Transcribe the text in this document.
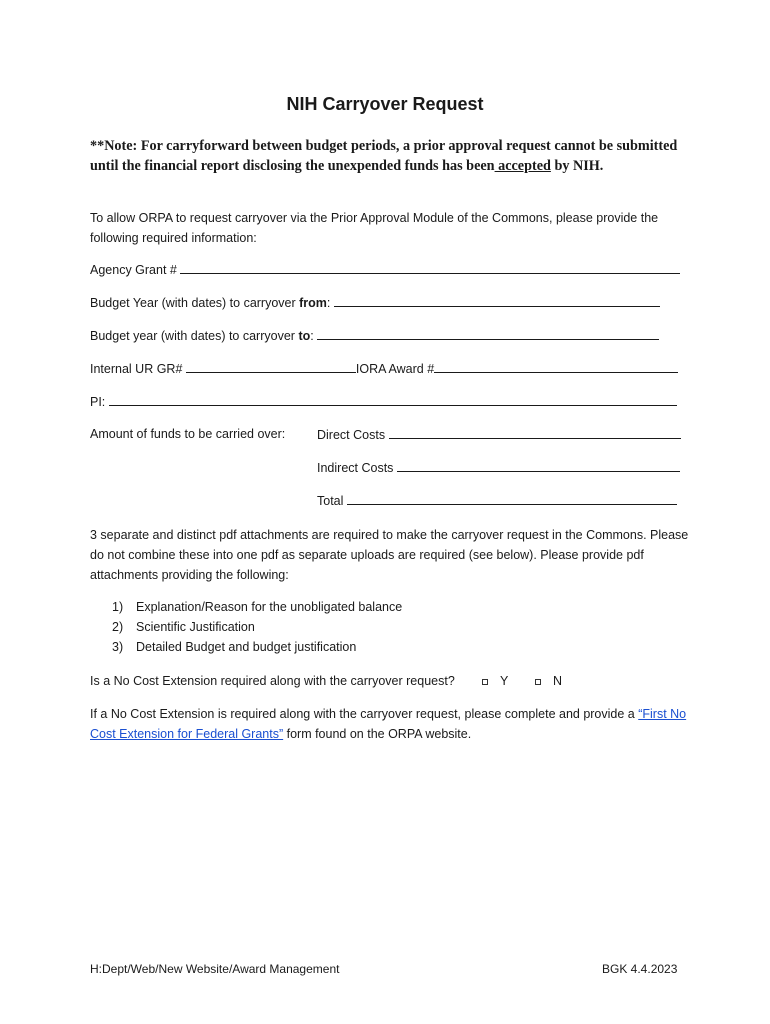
NIH Carryover Request
**Note: For carryforward between budget periods, a prior approval request cannot be submitted until the financial report disclosing the unexpended funds has been accepted by NIH.
To allow ORPA to request carryover via the Prior Approval Module of the Commons, please provide the following required information:
Agency Grant #
Budget Year (with dates) to carryover from:
Budget year (with dates) to carryover to:
Internal UR GR#	IORA Award #
PI:
Amount of funds to be carried over:	Direct Costs
Indirect Costs
Total
3 separate and distinct pdf attachments are required to make the carryover request in the Commons. Please do not combine these into one pdf as separate uploads are required (see below). Please provide pdf attachments providing the following:
1) Explanation/Reason for the unobligated balance
2) Scientific Justification
3) Detailed Budget and budget justification
Is a No Cost Extension required along with the carryover request?	Y	N
If a No Cost Extension is required along with the carryover request, please complete and provide a “First No Cost Extension for Federal Grants” form found on the ORPA website.
H:Dept/Web/New Website/Award Management	BGK 4.4.2023
